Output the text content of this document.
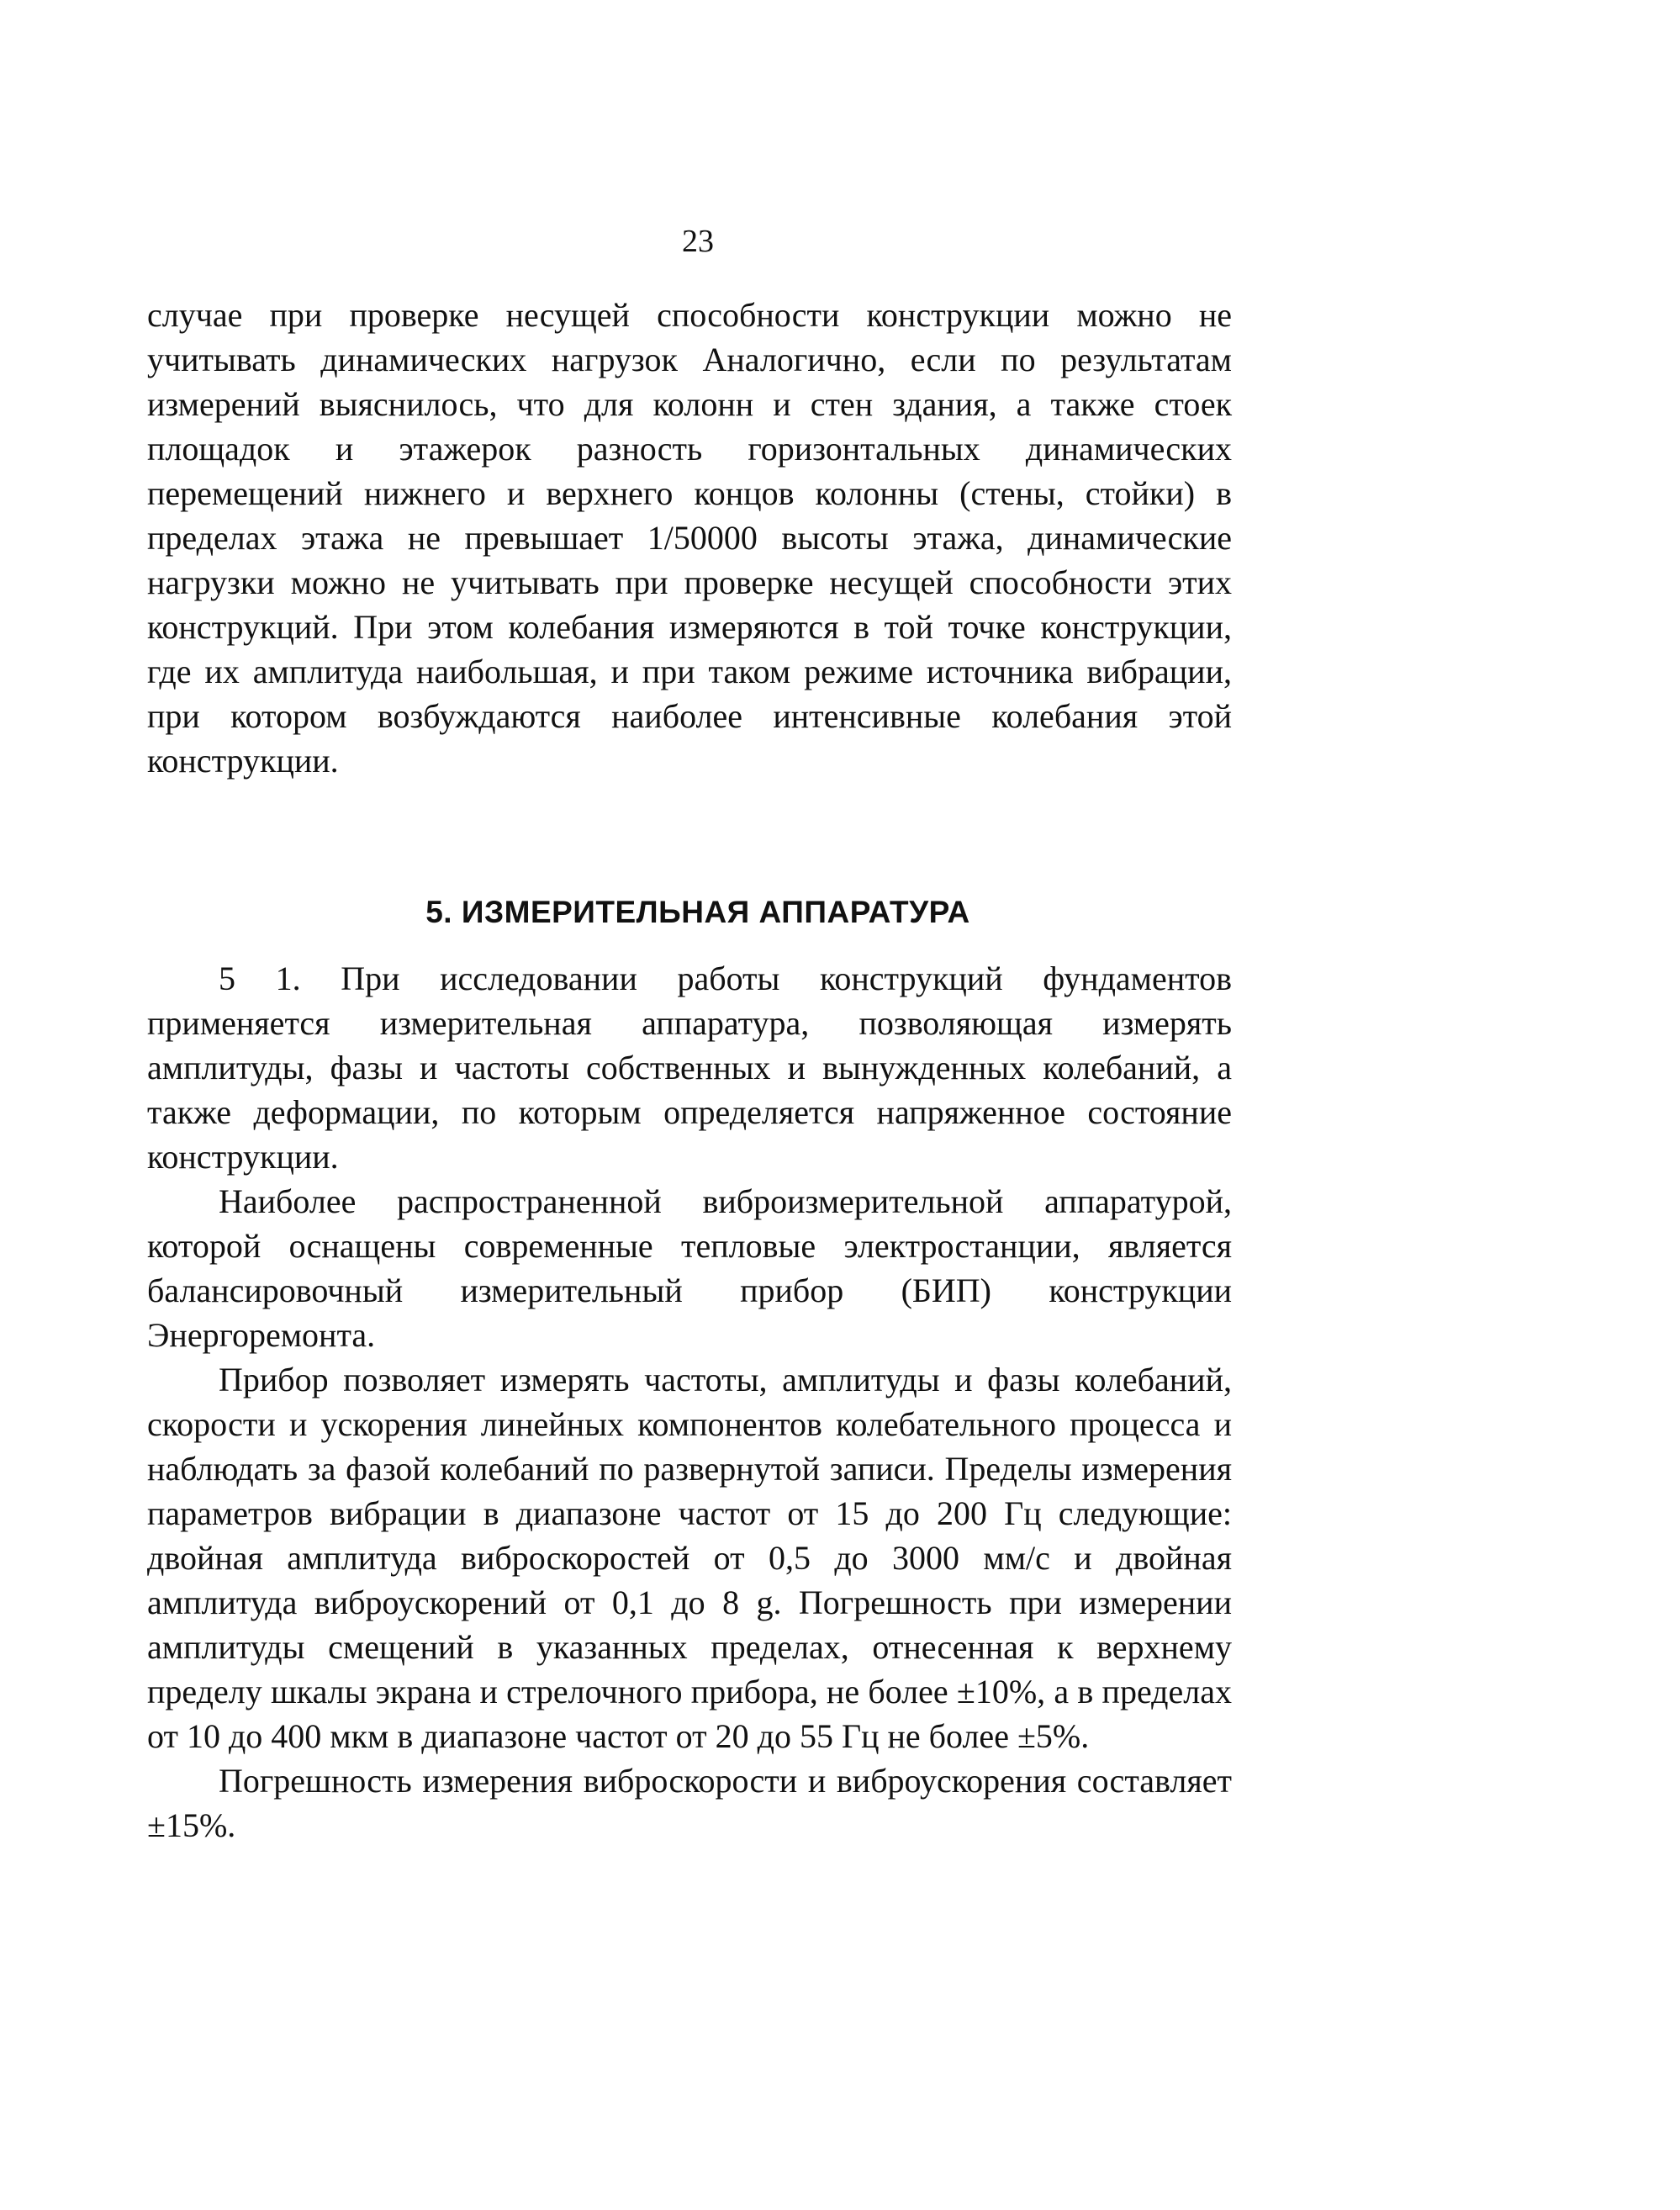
23

случае при проверке несущей способности конструкции можно не учитывать динамических нагрузок Аналогично, если по результатам измерений выяснилось, что для колонн и стен здания, а также стоек площадок и этажерок разность горизонтальных динамических перемещений нижнего и верхнего концов колонны (стены, стойки) в пределах этажа не превышает 1/50000 высоты этажа, динамические нагрузки можно не учитывать при проверке несущей способности этих конструкций. При этом колебания измеряются в той точке конструкции, где их амплитуда наибольшая, и при таком режиме источника вибрации, при котором возбуждаются наиболее интенсивные колебания этой конструкции.

5. ИЗМЕРИТЕЛЬНАЯ АППАРАТУРА

5 1. При исследовании работы конструкций фундаментов применяется измерительная аппаратура, позволяющая измерять амплитуды, фазы и частоты собственных и вынужденных колебаний, а также деформации, по которым определяется напряженное состояние конструкции.

Наиболее распространенной виброизмерительной аппаратурой, которой оснащены современные тепловые электростанции, является балансировочный измерительный прибор (БИП) конструкции Энергоремонта.

Прибор позволяет измерять частоты, амплитуды и фазы колебаний, скорости и ускорения линейных компонентов колебательного процесса и наблюдать за фазой колебаний по развернутой записи. Пределы измерения параметров вибрации в диапазоне частот от 15 до 200 Гц следующие: двойная амплитуда виброскоростей от 0,5 до 3000 мм/с и двойная амплитуда виброускорений от 0,1 до 8 g. Погрешность при измерении амплитуды смещений в указанных пределах, отнесенная к верхнему пределу шкалы экрана и стрелочного прибора, не более ±10%, а в пределах от 10 до 400 мкм в диапазоне частот от 20 до 55 Гц не более ±5%.

Погрешность измерения виброскорости и виброускорения составляет ±15%.
